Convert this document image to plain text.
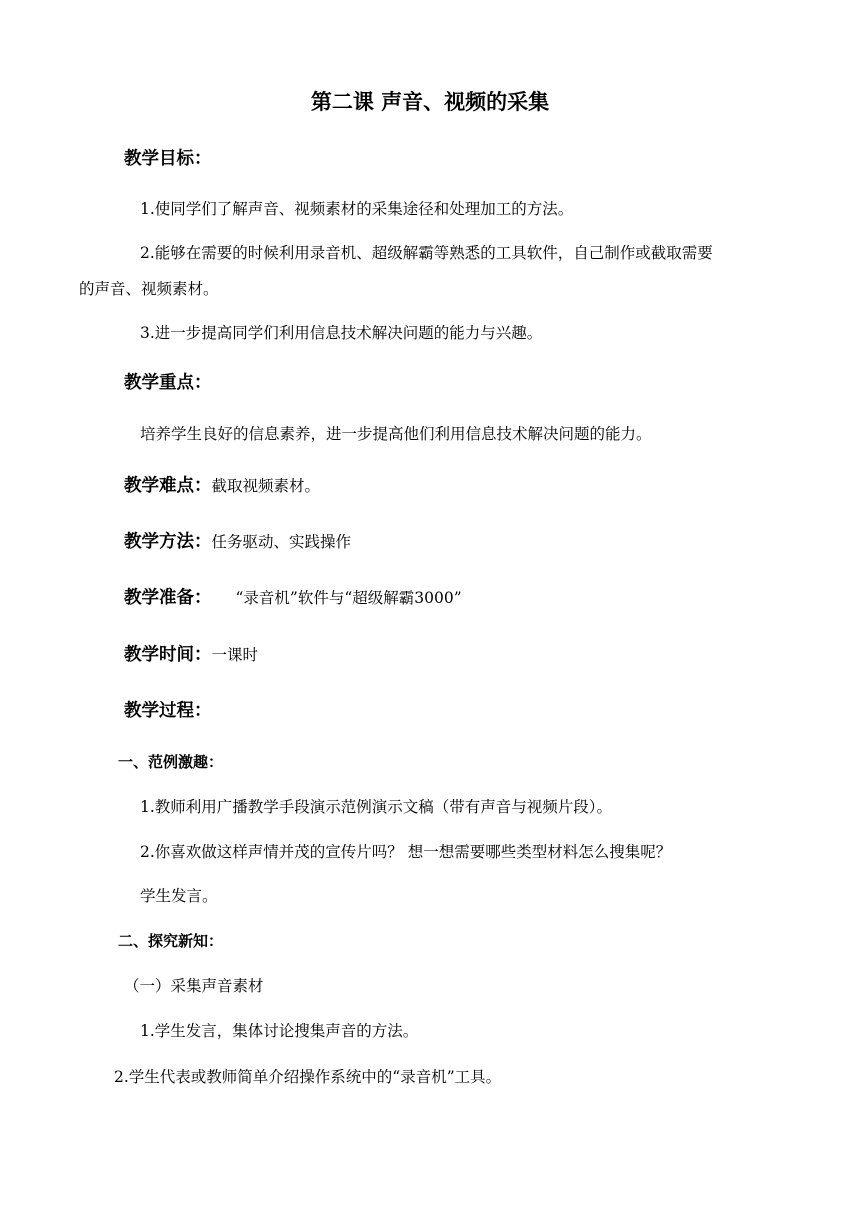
第二课 声音、视频的采集
教学目标：
1.使同学们了解声音、视频素材的采集途径和处理加工的方法。
2.能够在需要的时候利用录音机、超级解霸等熟悉的工具软件，自己制作或截取需要
的声音、视频素材。
3.进一步提高同学们利用信息技术解决问题的能力与兴趣。
教学重点：
培养学生良好的信息素养，进一步提高他们利用信息技术解决问题的能力。
教学难点：截取视频素材。
教学方法：任务驱动、实践操作
教学准备： “录音机”软件与“超级解霸3000”
教学时间：一课时
教学过程：
一、范例激趣：
1.教师利用广播教学手段演示范例演示文稿（带有声音与视频片段）。
2.你喜欢做这样声情并茂的宣传片吗？ 想一想需要哪些类型材料怎么搜集呢？
学生发言。
二、探究新知：
（一）采集声音素材
1.学生发言，集体讨论搜集声音的方法。
2.学生代表或教师简单介绍操作系统中的“录音机”工具。
